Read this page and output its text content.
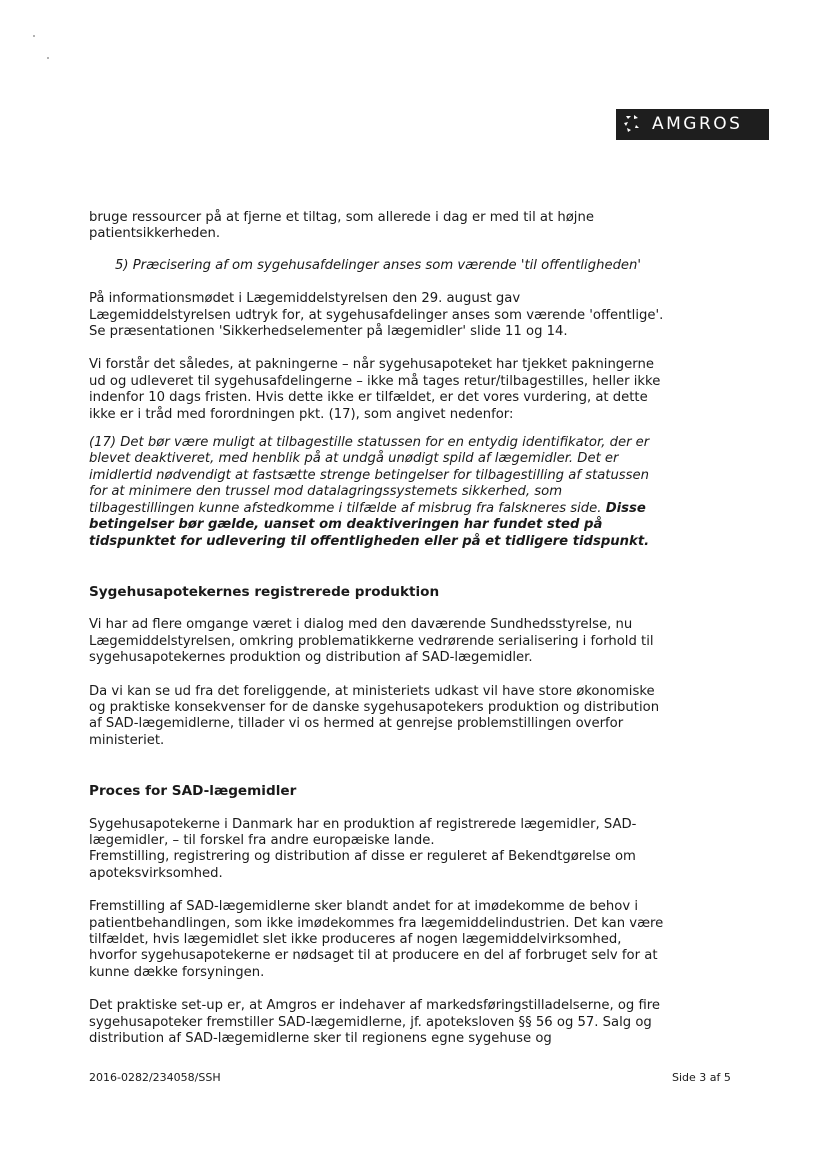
AMGROS

bruge ressourcer på at fjerne et tiltag, som allerede i dag er med til at højne patientsikkerheden.

5) Præcisering af om sygehusafdelinger anses som værende 'til offentligheden'

På informationsmødet i Lægemiddelstyrelsen den 29. august gav Lægemiddelstyrelsen udtryk for, at sygehusafdelinger anses som værende 'offentlige'. Se præsentationen 'Sikkerhedselementer på lægemidler' slide 11 og 14.

Vi forstår det således, at pakningerne – når sygehusapoteket har tjekket pakningerne ud og udleveret til sygehusafdelingerne – ikke må tages retur/tilbagestilles, heller ikke indenfor 10 dags fristen. Hvis dette ikke er tilfældet, er det vores vurdering, at dette ikke er i tråd med forordningen pkt. (17), som angivet nedenfor:

(17) Det bør være muligt at tilbagestille statussen for en entydig identifikator, der er blevet deaktiveret, med henblik på at undgå unødigt spild af lægemidler. Det er imidlertid nødvendigt at fastsætte strenge betingelser for tilbagestilling af statussen for at minimere den trussel mod datalagringssystemets sikkerhed, som tilbagestillingen kunne afstedkomme i tilfælde af misbrug fra falskneres side. Disse betingelser bør gælde, uanset om deaktiveringen har fundet sted på tidspunktet for udlevering til offentligheden eller på et tidligere tidspunkt.

Sygehusapotekernes registrerede produktion

Vi har ad flere omgange været i dialog med den daværende Sundhedsstyrelse, nu Lægemiddelstyrelsen, omkring problematikkerne vedrørende serialisering i forhold til sygehusapotekernes produktion og distribution af SAD-lægemidler.

Da vi kan se ud fra det foreliggende, at ministeriets udkast vil have store økonomiske og praktiske konsekvenser for de danske sygehusapotekers produktion og distribution af SAD-lægemidlerne, tillader vi os hermed at genrejse problemstillingen overfor ministeriet.

Proces for SAD-lægemidler

Sygehusapotekerne i Danmark har en produktion af registrerede lægemidler, SAD-lægemidler, – til forskel fra andre europæiske lande.

Fremstilling, registrering og distribution af disse er reguleret af Bekendtgørelse om apoteksvirksomhed.

Fremstilling af SAD-lægemidlerne sker blandt andet for at imødekomme de behov i patientbehandlingen, som ikke imødekommes fra lægemiddelindustrien. Det kan være tilfældet, hvis lægemidlet slet ikke produceres af nogen lægemiddelvirksomhed, hvorfor sygehusapotekerne er nødsaget til at producere en del af forbruget selv for at kunne dække forsyningen.

Det praktiske set-up er, at Amgros er indehaver af markedsføringstilladelserne, og fire sygehusapoteker fremstiller SAD-lægemidlerne, jf. apoteksloven §§ 56 og 57. Salg og distribution af SAD-lægemidlerne sker til regionens egne sygehuse og

2016-0282/234058/SSH	Side 3 af 5
